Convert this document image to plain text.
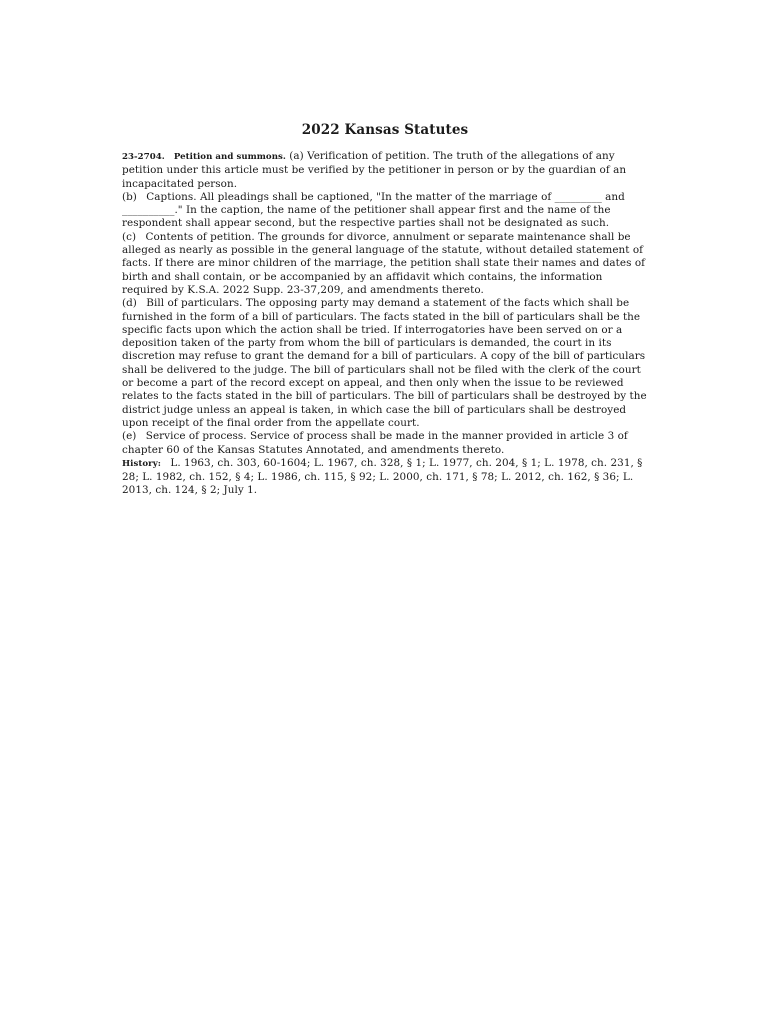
2022 Kansas Statutes

23-2704. Petition and summons. (a) Verification of petition. The truth of the allegations of any petition under this article must be verified by the petitioner in person or by the guardian of an incapacitated person.

(b) Captions. All pleadings shall be captioned, "In the matter of the marriage of _________ and __________." In the caption, the name of the petitioner shall appear first and the name of the respondent shall appear second, but the respective parties shall not be designated as such.

(c) Contents of petition. The grounds for divorce, annulment or separate maintenance shall be alleged as nearly as possible in the general language of the statute, without detailed statement of facts. If there are minor children of the marriage, the petition shall state their names and dates of birth and shall contain, or be accompanied by an affidavit which contains, the information required by K.S.A. 2022 Supp. 23-37,209, and amendments thereto.

(d) Bill of particulars. The opposing party may demand a statement of the facts which shall be furnished in the form of a bill of particulars. The facts stated in the bill of particulars shall be the specific facts upon which the action shall be tried. If interrogatories have been served on or a deposition taken of the party from whom the bill of particulars is demanded, the court in its discretion may refuse to grant the demand for a bill of particulars. A copy of the bill of particulars shall be delivered to the judge. The bill of particulars shall not be filed with the clerk of the court or become a part of the record except on appeal, and then only when the issue to be reviewed relates to the facts stated in the bill of particulars. The bill of particulars shall be destroyed by the district judge unless an appeal is taken, in which case the bill of particulars shall be destroyed upon receipt of the final order from the appellate court.

(e) Service of process. Service of process shall be made in the manner provided in article 3 of chapter 60 of the Kansas Statutes Annotated, and amendments thereto.

History: L. 1963, ch. 303, 60-1604; L. 1967, ch. 328, § 1; L. 1977, ch. 204, § 1; L. 1978, ch. 231, § 28; L. 1982, ch. 152, § 4; L. 1986, ch. 115, § 92; L. 2000, ch. 171, § 78; L. 2012, ch. 162, § 36; L. 2013, ch. 124, § 2; July 1.
